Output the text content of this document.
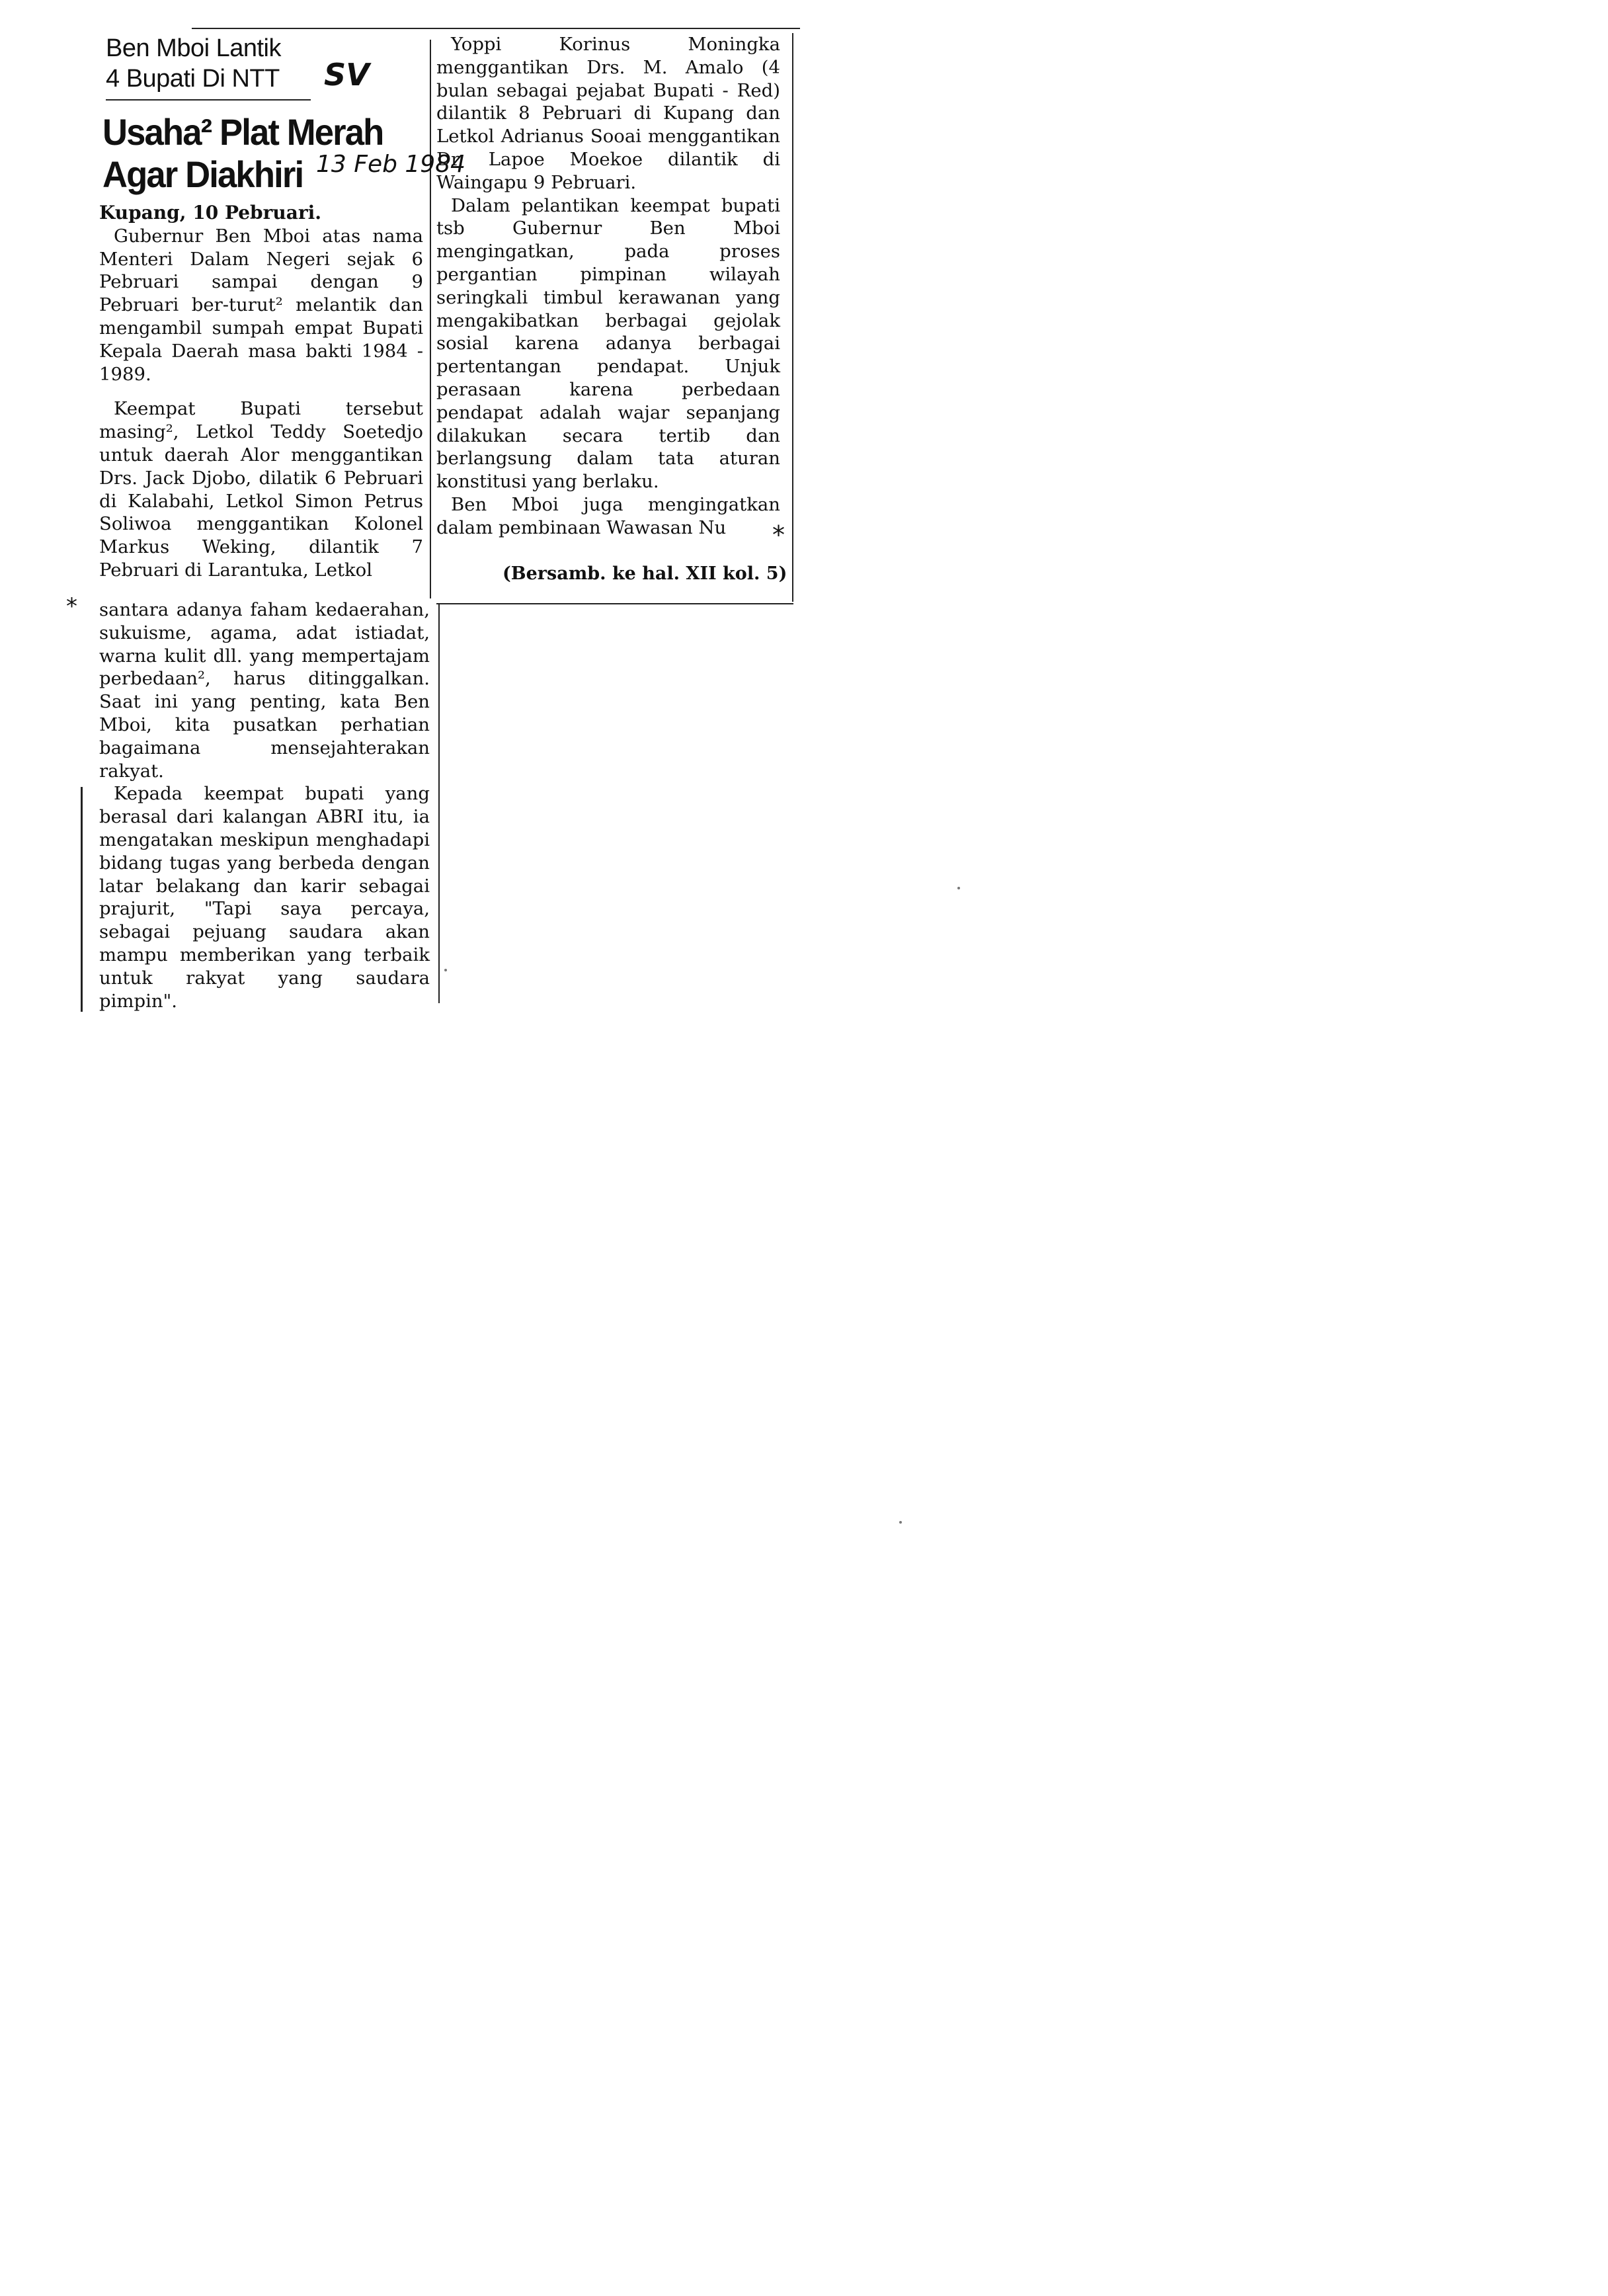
Ben Mboi Lantik
4 Bupati Di NTT
Usaha² Plat Merah
Agar Diakhiri
SV
13 Feb 1984

Kupang, 10 Pebruari.

Gubernur Ben Mboi atas nama Menteri Dalam Negeri sejak 6 Pebruari sampai dengan 9 Pebruari ber-turut² melantik dan mengambil sumpah empat Bupati Kepala Daerah masa bakti 1984 - 1989.

Keempat Bupati tersebut masing², Letkol Teddy Soetedjo untuk daerah Alor menggantikan Drs. Jack Djobo, dilatik 6 Pebruari di Kalabahi, Letkol Simon Petrus Soliwoa menggantikan Kolonel Markus Weking, dilantik 7 Pebruari di Larantuka, Letkol

Yoppi Korinus Moningka menggantikan Drs. M. Amalo (4 bulan sebagai pejabat Bupati - Red) dilantik 8 Pebruari di Kupang dan Letkol Adrianus Sooai menggantikan Dr. Lapoe Moekoe dilantik di Waingapu 9 Pebruari.

Dalam pelantikan keempat bupati tsb Gubernur Ben Mboi mengingatkan, pada proses pergantian pimpinan wilayah seringkali timbul kerawanan yang mengakibatkan berbagai gejolak sosial karena adanya berbagai pertentangan pendapat. Unjuk perasaan karena perbedaan pendapat adalah wajar sepanjang dilakukan secara tertib dan berlangsung dalam tata aturan konstitusi yang berlaku.

Ben Mboi juga mengingatkan dalam pembinaan Wawasan Nu

(Bersamb. ke hal. XII kol. 5)

santara adanya faham kedaerahan, sukuisme, agama, adat istiadat, warna kulit dll. yang mempertajam perbedaan², harus ditinggalkan. Saat ini yang penting, kata Ben Mboi, kita pusatkan perhatian bagaimana mensejahterakan rakyat.

Kepada keempat bupati yang berasal dari kalangan ABRI itu, ia mengatakan meskipun menghadapi bidang tugas yang berbeda dengan latar belakang dan karir sebagai prajurit, "Tapi saya percaya, sebagai pejuang saudara akan mampu memberikan yang terbaik untuk rakyat yang saudara pimpin".

*
*
